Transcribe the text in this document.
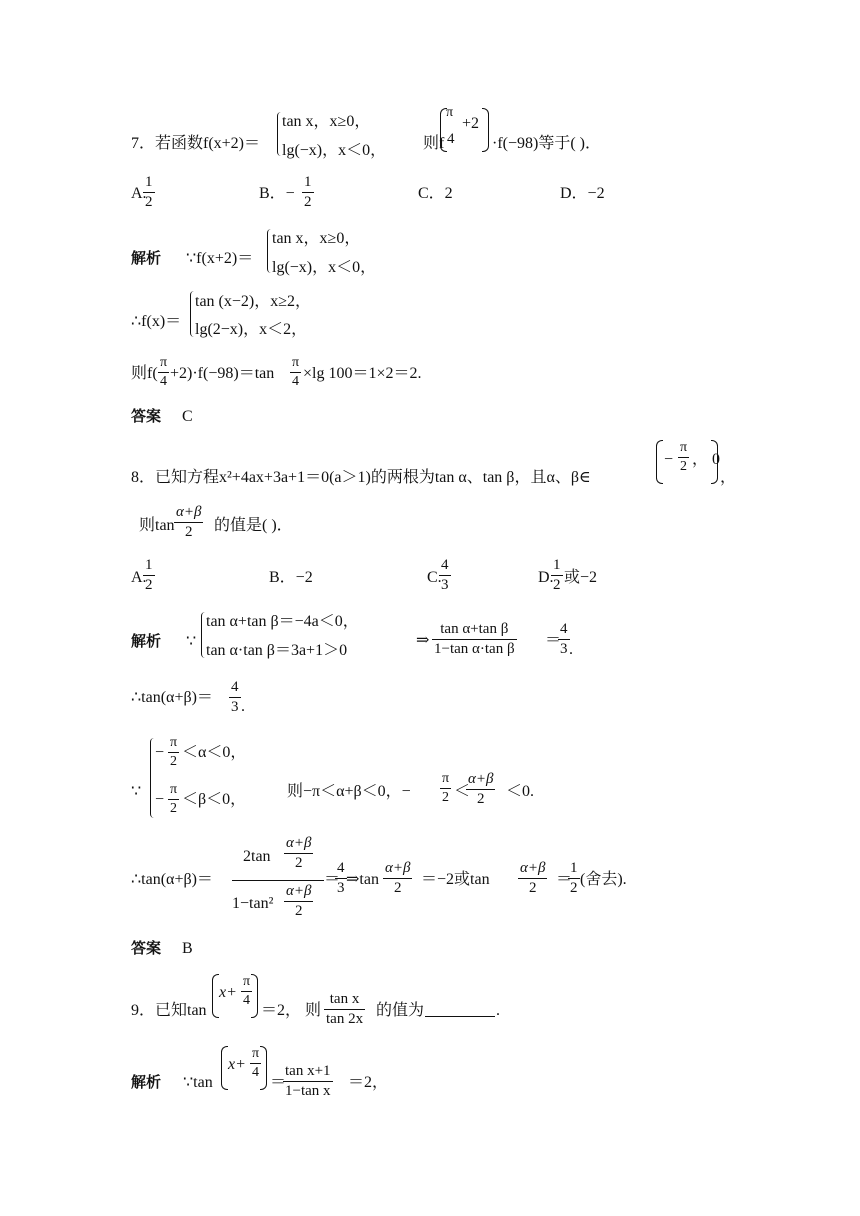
7．若函数f(x+2)＝
tan x，x≥0，
lg(−x)，x＜0， 则f
π
4
+2
·f(−98)等于( )．
A.
$\frac{1}{2}$	B．− $\frac{1}{2}$	C．2	D．−2
解析 ∵f(x+2)＝
tan x，x≥0，
lg(−x)，x＜0，
∴f(x)＝
tan (x−2)，x≥2，
lg(2−x)，x＜2，
则$f( \frac{\pi}{4} +2)\cdot f(-98)=\tan \frac{\pi}{4} \times\lg$ 100＝1×2＝2.
答案 C
8．已知方程x²+4ax+3a+1＝0(a＞1)的两根为tan α、tan β，且α、β∈
− $\frac{\pi}{2}$ ， 0
，
则$\tan \frac{\alpha+\beta}{2}$ 的值是( )．
A.
$\frac{1}{2}$	B．−2	C.
$\frac{4}{3}$	D.
$\frac{1}{2}$ 或−2
解析 ∵
tan α+tan β＝−4a＜0，
tan α·tan β＝3a+1＞0
⇒ $\frac{\text{tan α+tan β}}{\text{1−tan α·tan β}}$ ＝
$\frac{4}{3}$ .
∴tan(α+β)＝ $\frac{4}{3}$ .
∵
− $\frac{\pi}{2} <\alpha<0$，
− $\frac{\pi}{2} <\beta<0$，	则−π＜α+β＜0，− $\frac{\pi}{2}$ ＜
$\frac{\alpha+\beta}{2} <0$.
∴tan(α+β)＝
$2\tan \frac{\alpha+\beta}{2}$
$1-\tan^2 \frac{\alpha+\beta}{2}$
＝
$\frac{4}{3}$ ⇒tan $\frac{\alpha+\beta}{2} =-2$或$\tan \frac{\alpha+\beta}{2}$ ＝
$\frac{1}{2}$ (舍去).
答案 B
9．已知tan
$x+ \frac{\pi}{4}$
＝2， 则 $\frac{\text{tan x}}{\tan 2x}$ 的值为	.
解析 ∵tan
$x+ \frac{\pi}{4}$
＝
$\frac{\text{tan x+1}}{\text{1−tan x}} =2$，
